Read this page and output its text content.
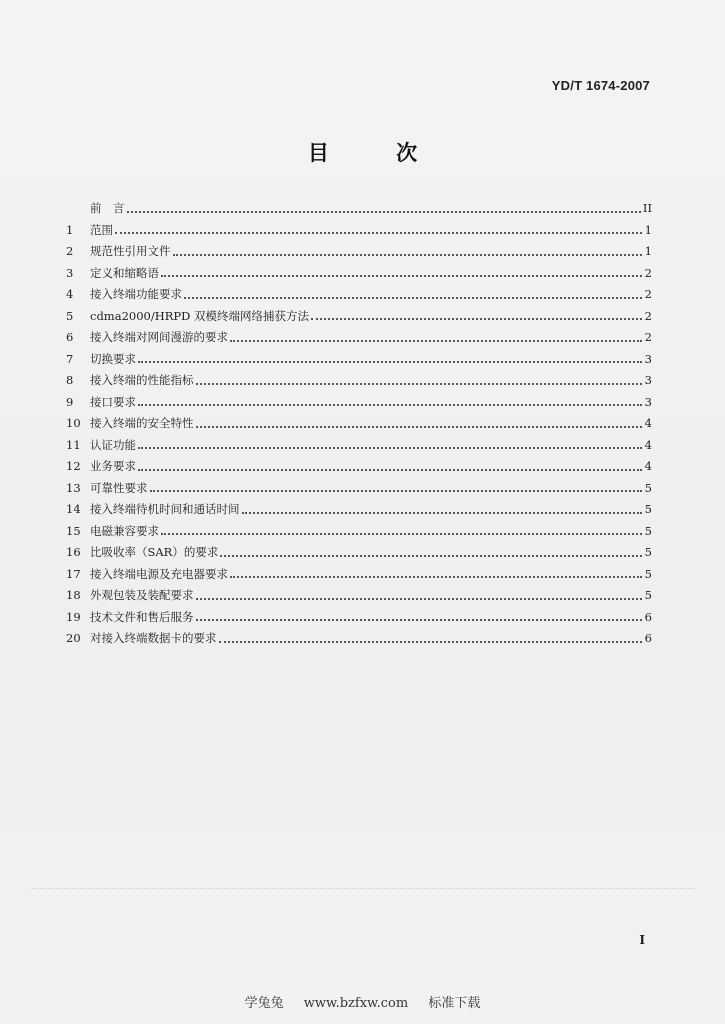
YD/T 1674-2007
目 次
前　言	II
1	范围	1
2	规范性引用文件	1
3	定义和缩略语	2
4	接入终端功能要求	2
5	cdma2000/HRPD 双模终端网络捕获方法	2
6	接入终端对网间漫游的要求	2
7	切换要求	3
8	接入终端的性能指标	3
9	接口要求	3
10 接入终端的安全特性	4
11 认证功能	4
12 业务要求	4
13 可靠性要求	5
14 接入终端待机时间和通话时间	5
15 电磁兼容要求	5
16 比吸收率（SAR）的要求	5
17 接入终端电源及充电器要求	5
18 外观包装及装配要求	5
19 技术文件和售后服务	6
20 对接入终端数据卡的要求	6
I
学兔兔 www.bzfxw.com 标准下载
